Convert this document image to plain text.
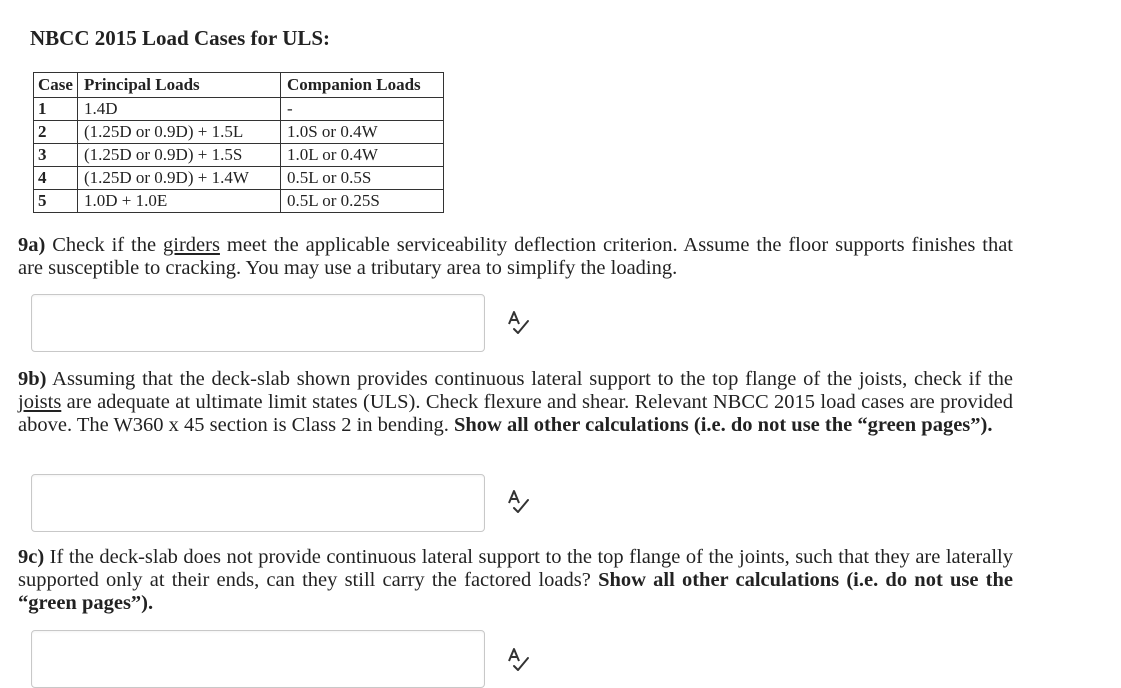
NBCC 2015 Load Cases for ULS:
Case	Principal Loads	Companion Loads
1	1.4D	-
2	(1.25D or 0.9D) + 1.5L	1.0S or 0.4W
3	(1.25D or 0.9D) + 1.5S	1.0L or 0.4W
4	(1.25D or 0.9D) + 1.4W	0.5L or 0.5S
5	1.0D + 1.0E	0.5L or 0.25S
9a) Check if the girders meet the applicable serviceability deflection criterion. Assume the floor supports finishes that are susceptible to cracking. You may use a tributary area to simplify the loading.
9b) Assuming that the deck-slab shown provides continuous lateral support to the top flange of the joists, check if the joists are adequate at ultimate limit states (ULS). Check flexure and shear. Relevant NBCC 2015 load cases are provided above. The W360 x 45 section is Class 2 in bending. Show all other calculations (i.e. do not use the “green pages”).
9c) If the deck-slab does not provide continuous lateral support to the top flange of the joints, such that they are laterally supported only at their ends, can they still carry the factored loads? Show all other calculations (i.e. do not use the “green pages”).
